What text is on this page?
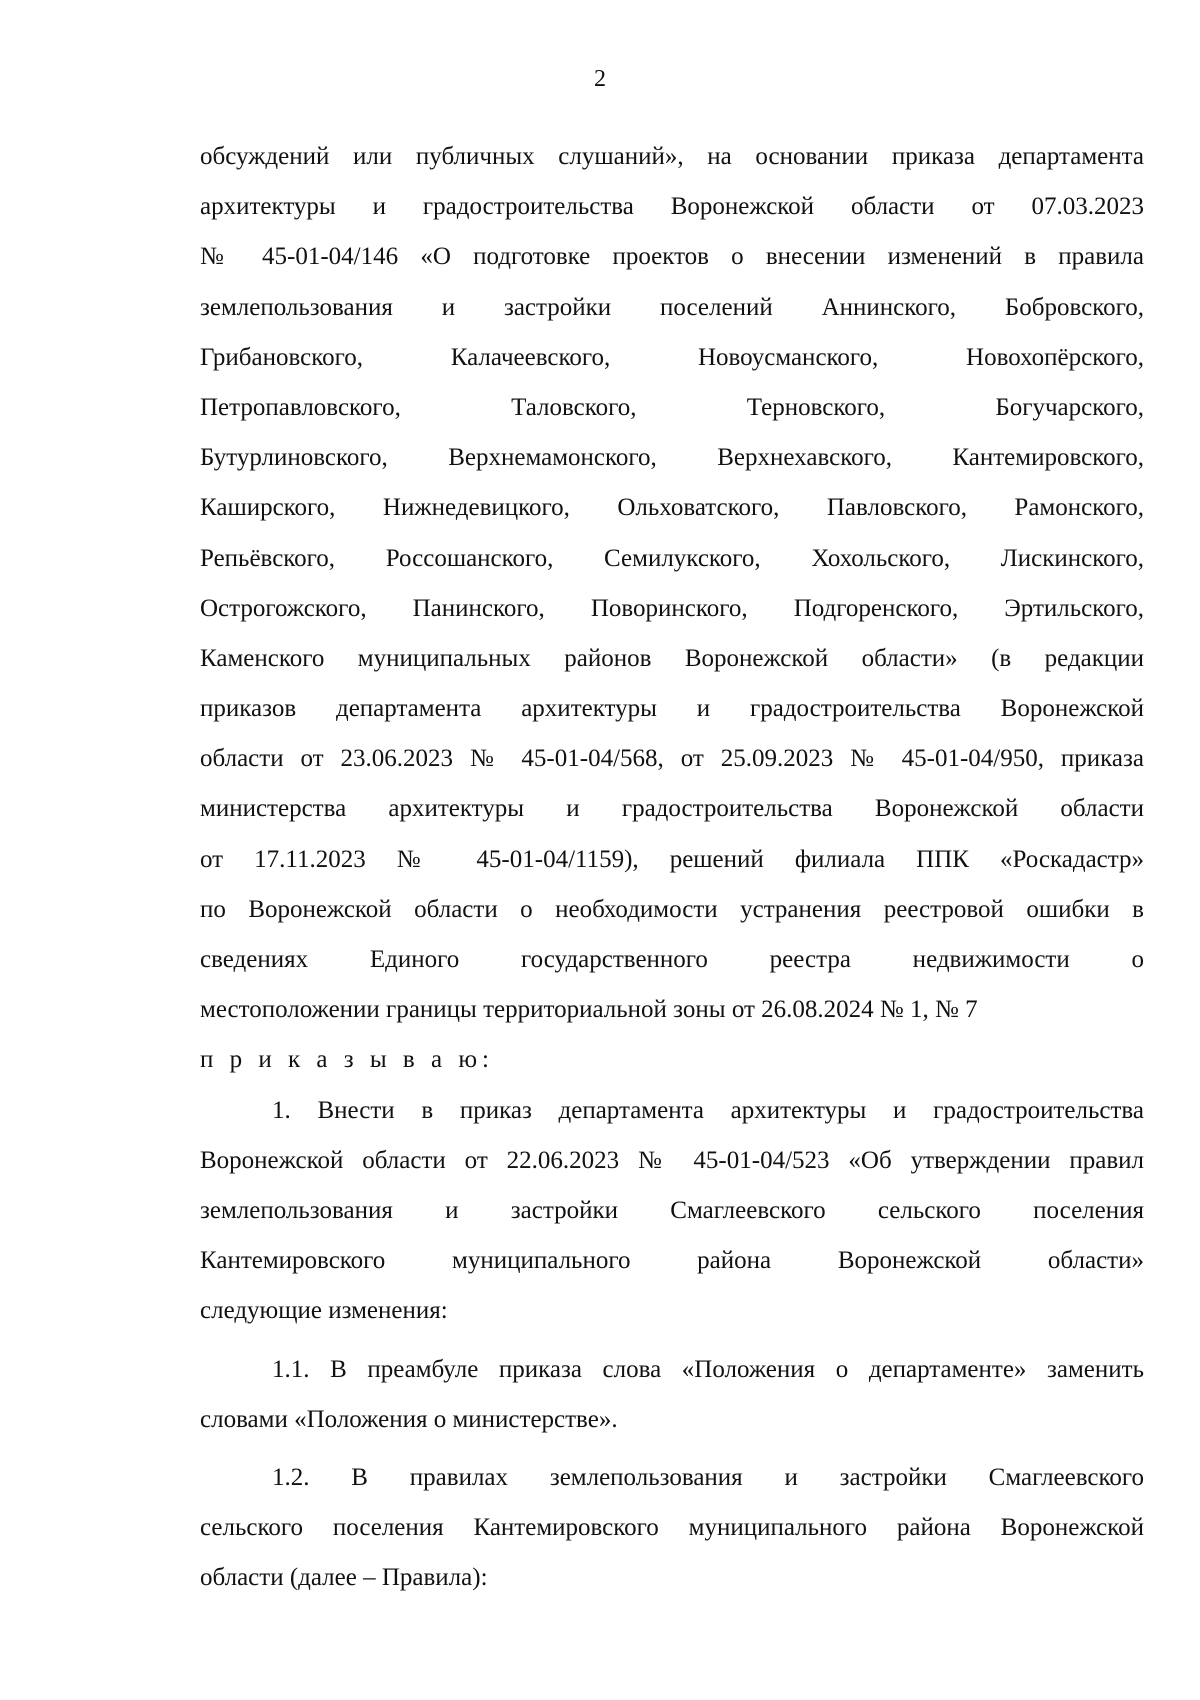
2
обсуждений или публичных слушаний», на основании приказа департамента
архитектуры и градостроительства Воронежской области от 07.03.2023
№ 45-01-04/146 «О подготовке проектов о внесении изменений в правила
землепользования и застройки поселений Аннинского, Бобровского,
Грибановского, Калачеевского, Новоусманского, Новохопёрского,
Петропавловского, Таловского, Терновского, Богучарского,
Бутурлиновского, Верхнемамонского, Верхнехавского, Кантемировского,
Каширского, Нижнедевицкого, Ольховатского, Павловского, Рамонского,
Репьёвского, Россошанского, Семилукского, Хохольского, Лискинского,
Острогожского, Панинского, Поворинского, Подгоренского, Эртильского,
Каменского муниципальных районов Воронежской области» (в редакции
приказов департамента архитектуры и градостроительства Воронежской
области от 23.06.2023 № 45-01-04/568, от 25.09.2023 № 45-01-04/950, приказа
министерства архитектуры и градостроительства Воронежской области
от 17.11.2023 № 45-01-04/1159), решений филиала ППК «Роскадастр»
по Воронежской области о необходимости устранения реестровой ошибки в
сведениях Единого государственного реестра недвижимости о
местоположении границы территориальной зоны от 26.08.2024 № 1, № 7
п р и к а з ы в а ю:
1. Внести в приказ департамента архитектуры и градостроительства
Воронежской области от 22.06.2023 № 45-01-04/523 «Об утверждении правил
землепользования и застройки Смаглеевского сельского поселения
Кантемировского муниципального района Воронежской области»
следующие изменения:
1.1. В преамбуле приказа слова «Положения о департаменте» заменить
словами «Положения о министерстве».
1.2. В правилах землепользования и застройки Смаглеевского
сельского поселения Кантемировского муниципального района Воронежской
области (далее – Правила):
